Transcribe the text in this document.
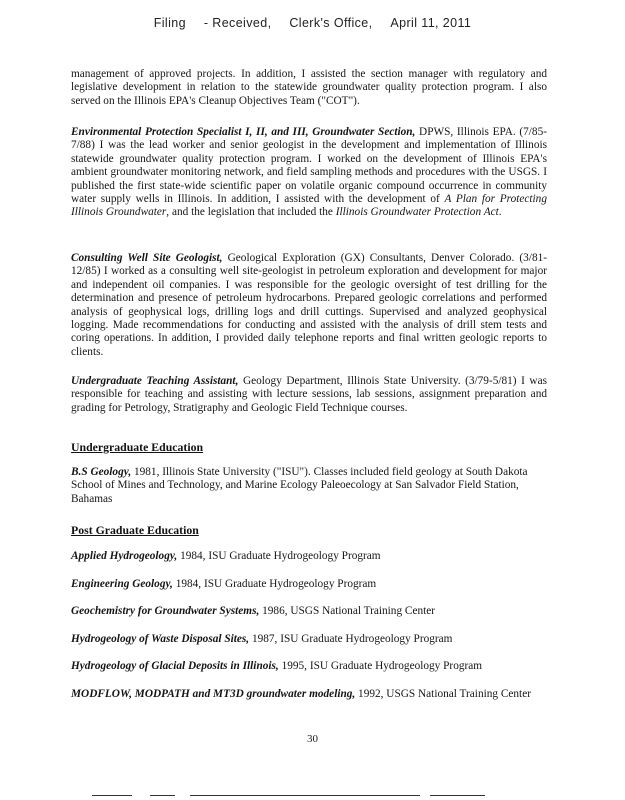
Filing - Received, Clerk's Office, April 11, 2011

management of approved projects. In addition, I assisted the section manager with regulatory and legislative development in relation to the statewide groundwater quality protection program. I also served on the Illinois EPA's Cleanup Objectives Team ("COT").

Environmental Protection Specialist I, II, and III, Groundwater Section, DPWS, Illinois EPA. (7/85-7/88) I was the lead worker and senior geologist in the development and implementation of Illinois statewide groundwater quality protection program. I worked on the development of Illinois EPA's ambient groundwater monitoring network, and field sampling methods and procedures with the USGS. I published the first state-wide scientific paper on volatile organic compound occurrence in community water supply wells in Illinois. In addition, I assisted with the development of A Plan for Protecting Illinois Groundwater, and the legislation that included the Illinois Groundwater Protection Act.

Consulting Well Site Geologist, Geological Exploration (GX) Consultants, Denver Colorado. (3/81-12/85) I worked as a consulting well site-geologist in petroleum exploration and development for major and independent oil companies. I was responsible for the geologic oversight of test drilling for the determination and presence of petroleum hydrocarbons. Prepared geologic correlations and performed analysis of geophysical logs, drilling logs and drill cuttings. Supervised and analyzed geophysical logging. Made recommendations for conducting and assisted with the analysis of drill stem tests and coring operations. In addition, I provided daily telephone reports and final written geologic reports to clients.

Undergraduate Teaching Assistant, Geology Department, Illinois State University. (3/79-5/81) I was responsible for teaching and assisting with lecture sessions, lab sessions, assignment preparation and grading for Petrology, Stratigraphy and Geologic Field Technique courses.

Undergraduate Education

B.S Geology, 1981, Illinois State University ("ISU"). Classes included field geology at South Dakota School of Mines and Technology, and Marine Ecology Paleoecology at San Salvador Field Station, Bahamas

Post Graduate Education

Applied Hydrogeology, 1984, ISU Graduate Hydrogeology Program

Engineering Geology, 1984, ISU Graduate Hydrogeology Program

Geochemistry for Groundwater Systems, 1986, USGS National Training Center

Hydrogeology of Waste Disposal Sites, 1987, ISU Graduate Hydrogeology Program

Hydrogeology of Glacial Deposits in Illinois, 1995, ISU Graduate Hydrogeology Program

MODFLOW, MODPATH and MT3D groundwater modeling, 1992, USGS National Training Center

30
